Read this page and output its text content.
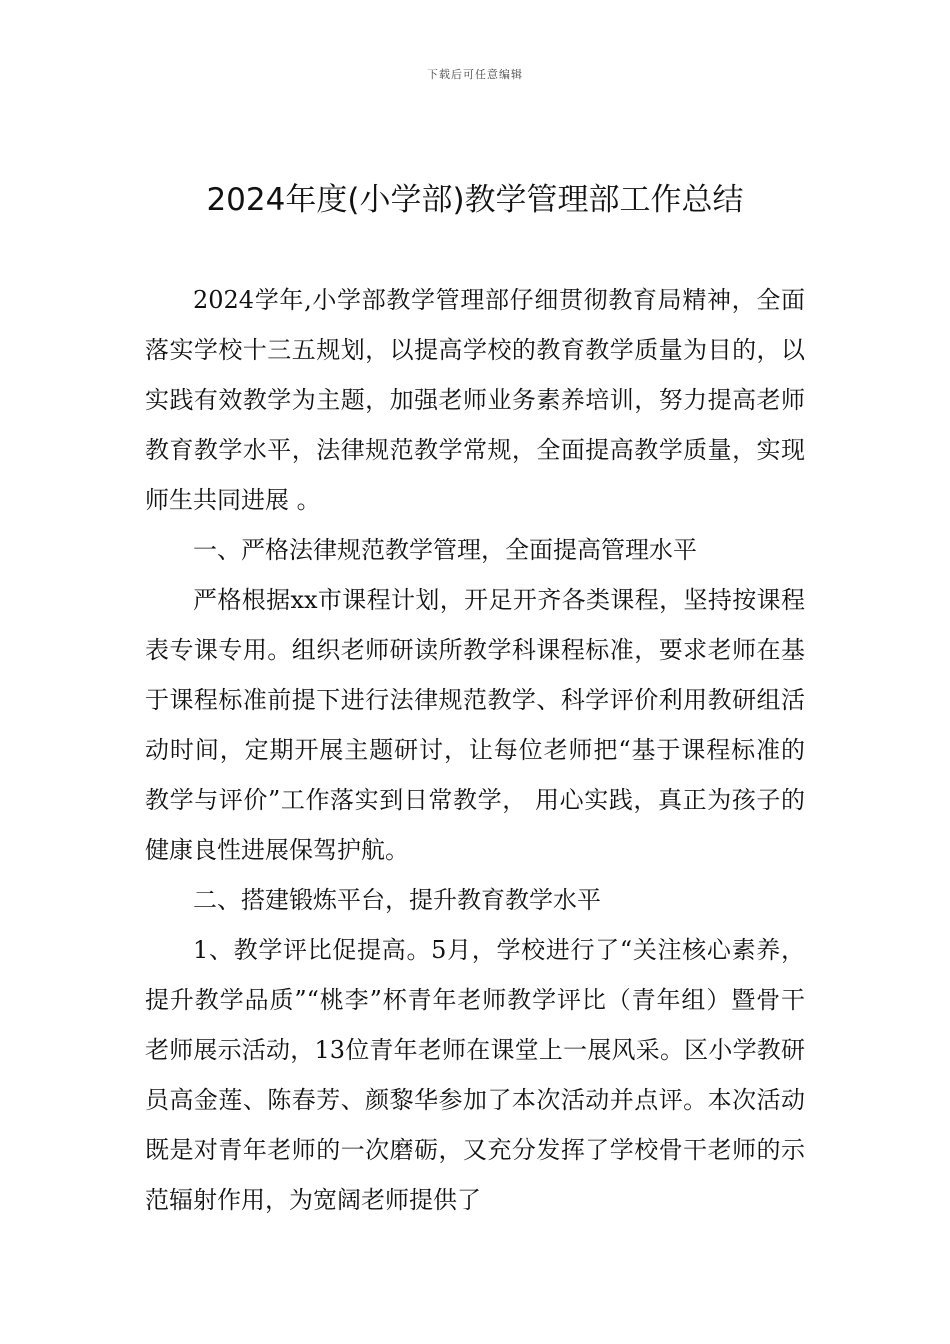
下载后可任意编辑
2024年度(小学部)教学管理部工作总结

2024学年,小学部教学管理部仔细贯彻教育局精神，全面落实学校十三五规划，以提高学校的教育教学质量为目的，以实践有效教学为主题，加强老师业务素养培训，努力提高老师教育教学水平，法律规范教学常规，全面提高教学质量，实现师生共同进展 。

一、严格法律规范教学管理，全面提高管理水平

严格根据xx市课程计划，开足开齐各类课程，坚持按课程表专课专用。组织老师研读所教学科课程标准，要求老师在基于课程标准前提下进行法律规范教学、科学评价利用教研组活动时间，定期开展主题研讨，让每位老师把“基于课程标准的教学与评价”工作落实到日常教学， 用心实践，真正为孩子的健康良性进展保驾护航。

二、搭建锻炼平台，提升教育教学水平

1、教学评比促提高。5月，学校进行了“关注核心素养，提升教学品质”“桃李”杯青年老师教学评比（青年组）暨骨干老师展示活动，13位青年老师在课堂上一展风采。区小学教研员高金莲、陈春芳、颜黎华参加了本次活动并点评。本次活动既是对青年老师的一次磨砺，又充分发挥了学校骨干老师的示范辐射作用，为宽阔老师提供了
